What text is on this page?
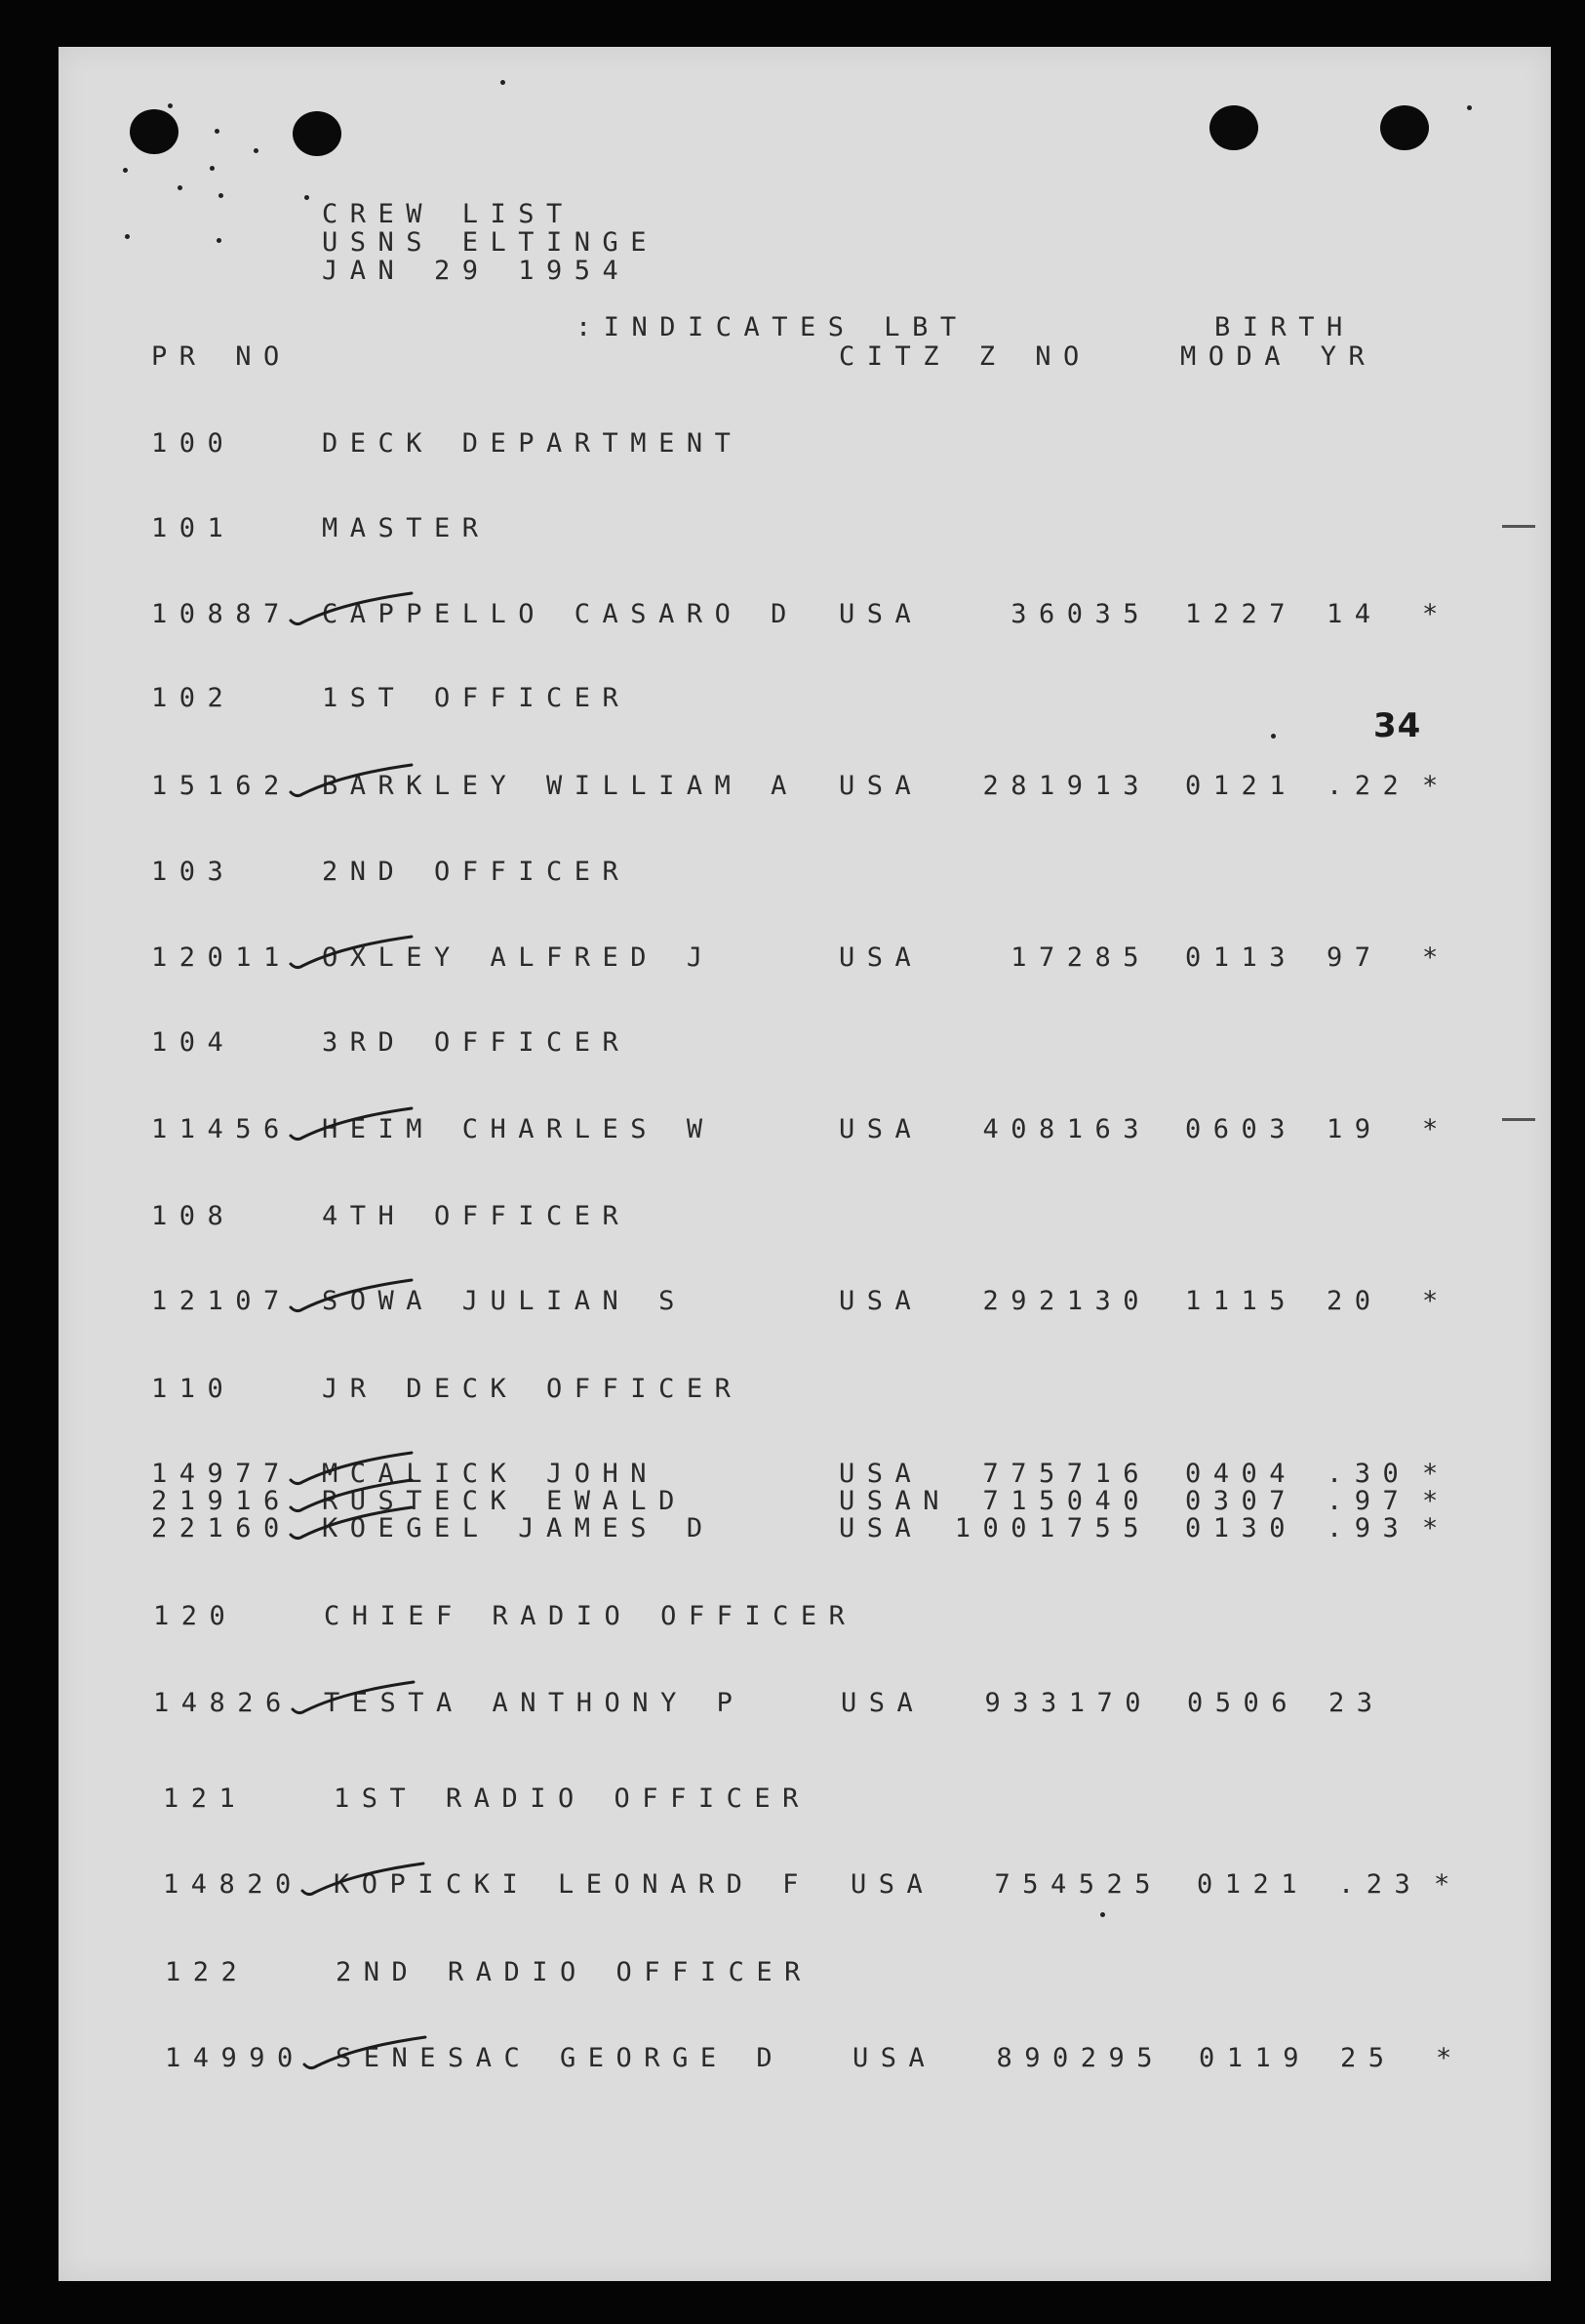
CREW LIST
USNS ELTINGE
JAN 29 1954
:INDICATES LBT	BIRTH
PR NO	CITZ Z NO	MODA YR
34
100	DECK DEPARTMENT
101	MASTER
10887 CAPPELLO CASARO D USA	36035 1227 14 *
102	1ST OFFICER
15162 BARKLEY WILLIAM A USA 281913 0121 .22 *
103	2ND OFFICER
12011 OXLEY ALFRED J	USA	17285 0113 97 *
104	3RD OFFICER
11456 HEIM CHARLES W	USA 408163 0603 19 *
108	4TH OFFICER
12107 SOWA JULIAN S	USA 292130 1115 20 *
110	JR DECK OFFICER
14977 MCALICK JOHN	USA 775716 0404 .30 *
21916 RUSTECK EWALD	USAN 715040 0307 .97 *
22160 KOEGEL JAMES D	USA 1001755 0130 .93 *
120	CHIEF RADIO OFFICER
14826 TESTA ANTHONY P	USA 933170 0506 23
121	1ST RADIO OFFICER
14820 KOPICKI LEONARD F USA 754525 0121 .23 *
122	2ND RADIO OFFICER
14990 SENESAC GEORGE D	USA 890295 0119 25 *
